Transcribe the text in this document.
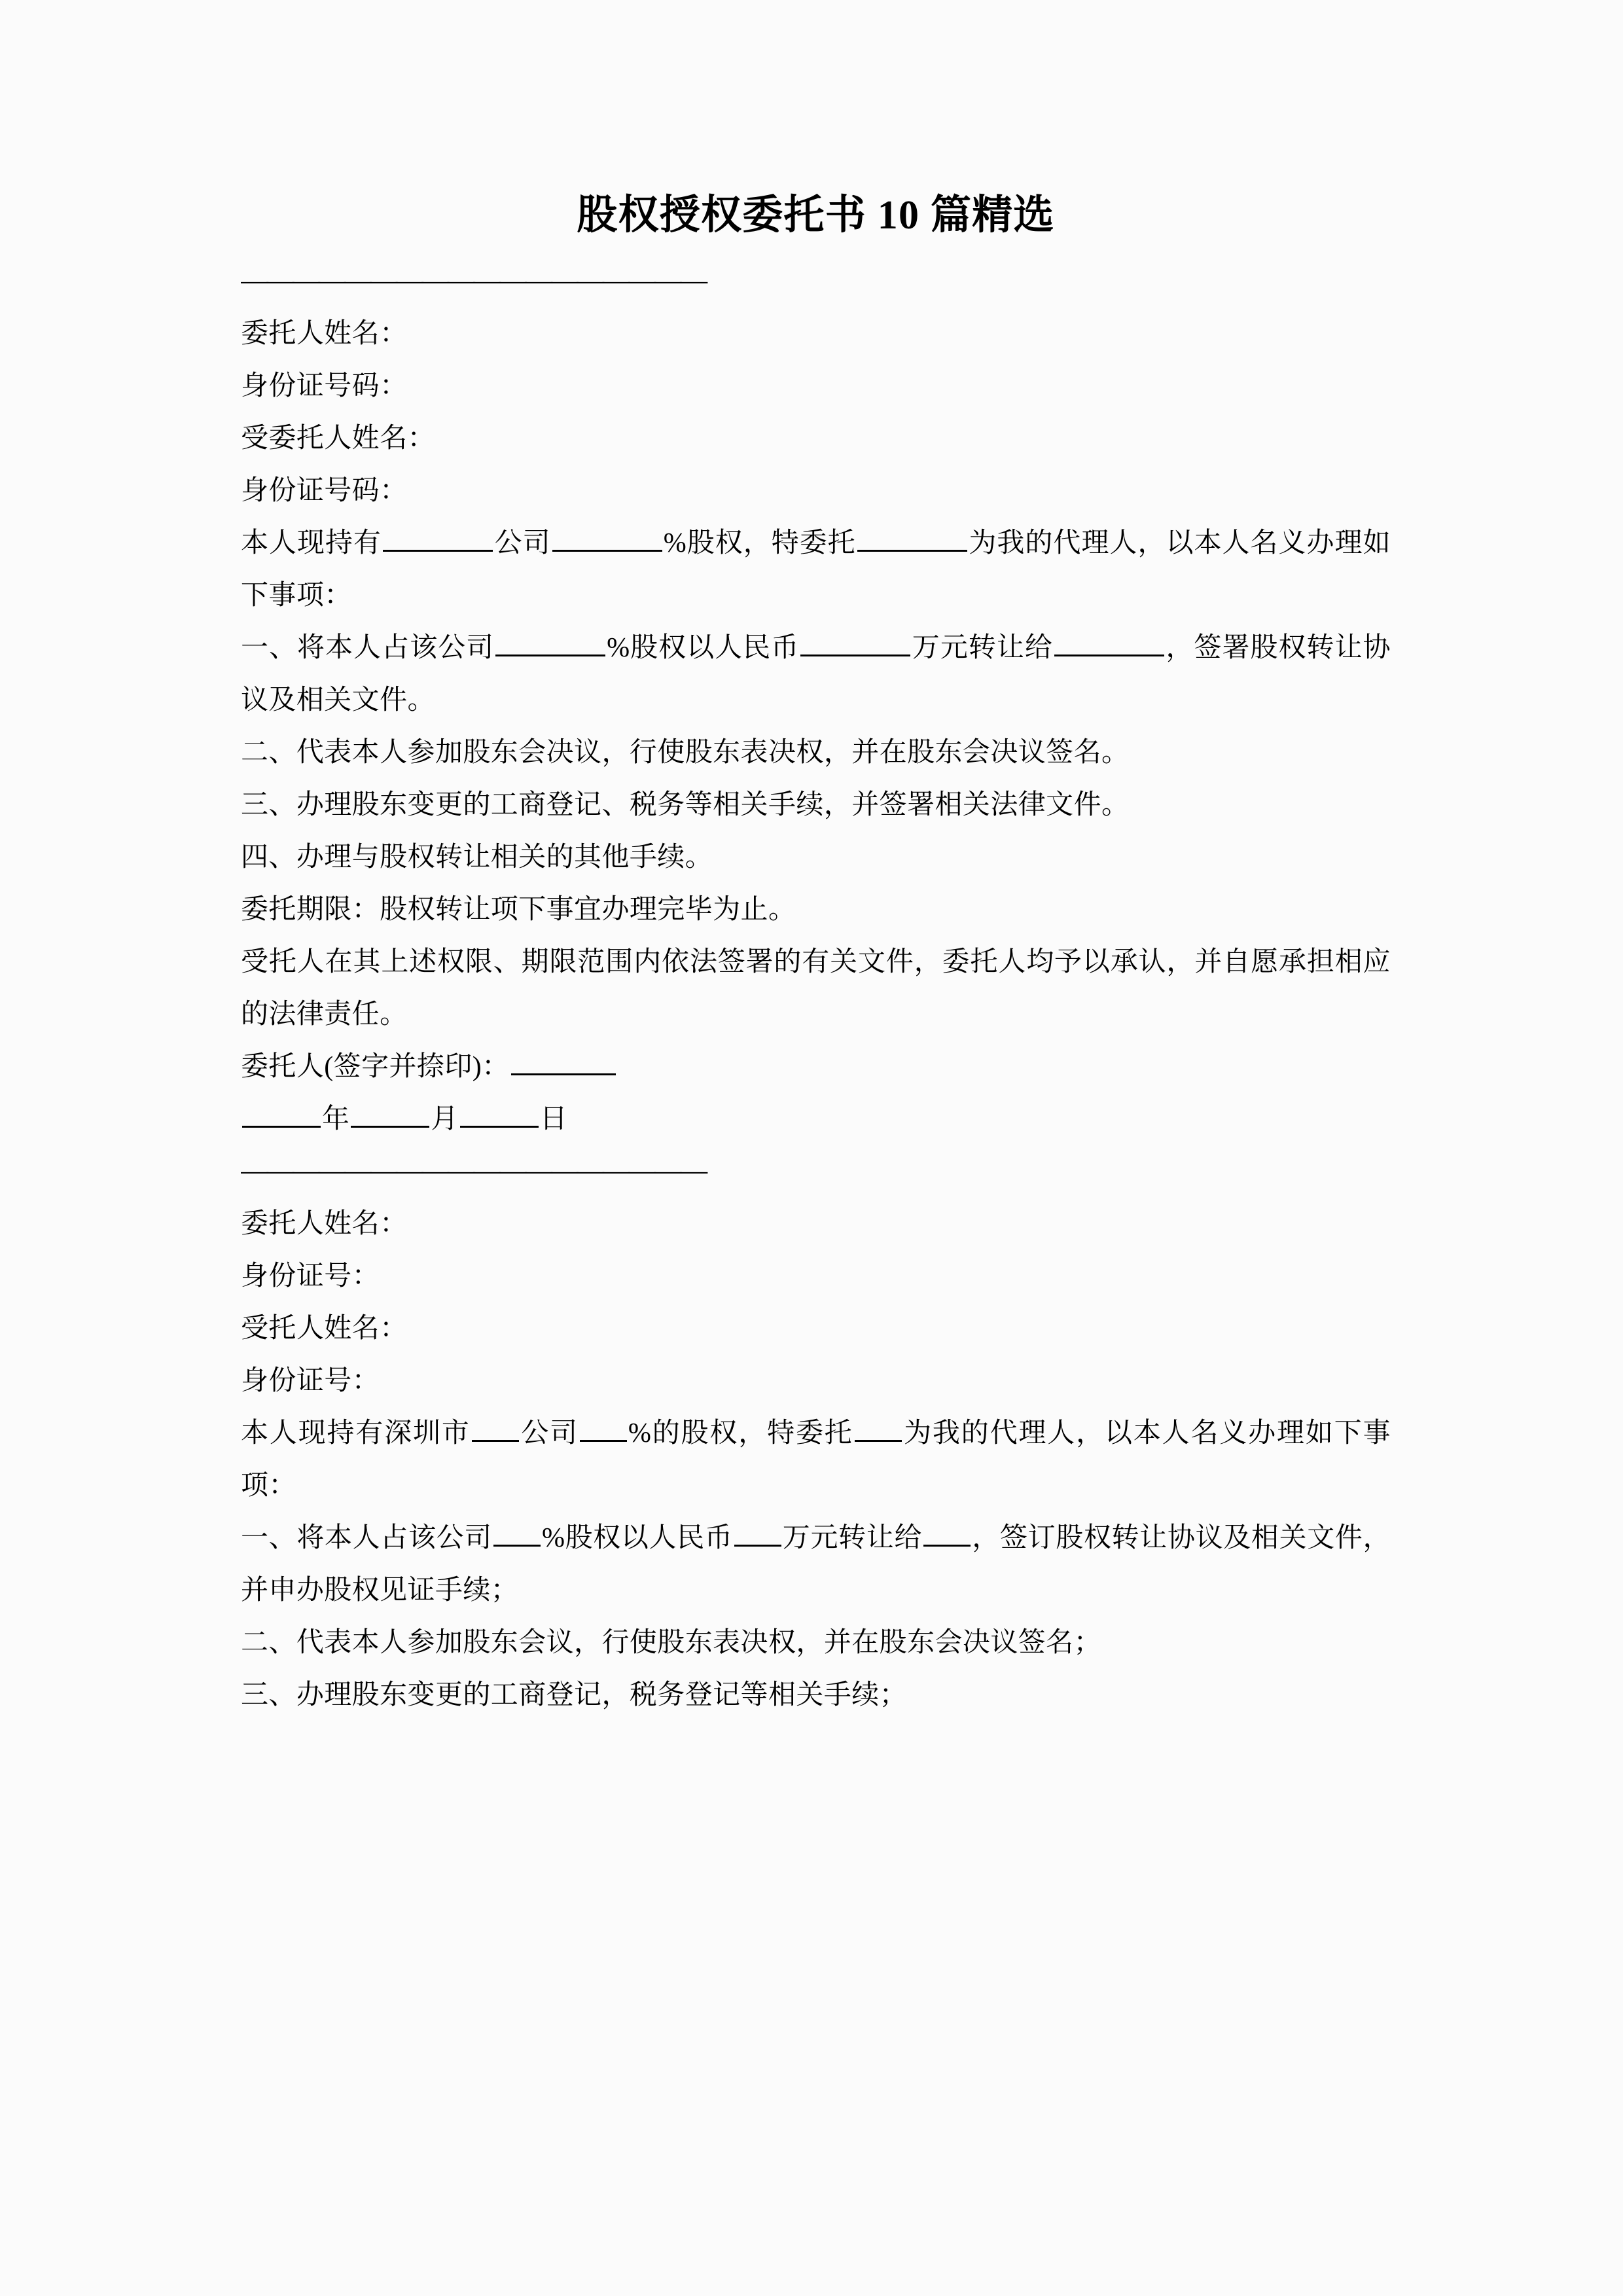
股权授权委托书 10 篇精选
——————————————————

委托人姓名：

身份证号码：

受委托人姓名：

身份证号码：

本人现持有	公司	%股权，特委托	为我的代理人，以本人名义办理如下事项：

一、将本人占该公司	%股权以人民币	万元转让给	，签署股权转让协议及相关文件。

二、代表本人参加股东会决议，行使股东表决权，并在股东会决议签名。

三、办理股东变更的工商登记、税务等相关手续，并签署相关法律文件。

四、办理与股权转让相关的其他手续。

委托期限：股权转让项下事宜办理完毕为止。

受托人在其上述权限、期限范围内依法签署的有关文件，委托人均予以承认，并自愿承担相应的法律责任。

委托人(签字并捺印)：

年	月	日

——————————————————

委托人姓名：

身份证号：

受托人姓名：

身份证号：

本人现持有深圳市 公司 %的股权，特委托 为我的代理人，以本人名义办理如下事项：

一、将本人占该公司 %股权以人民币 万元转让给 ，签订股权转让协议及相关文件，并申办股权见证手续；

二、代表本人参加股东会议，行使股东表决权，并在股东会决议签名；

三、办理股东变更的工商登记，税务登记等相关手续；
